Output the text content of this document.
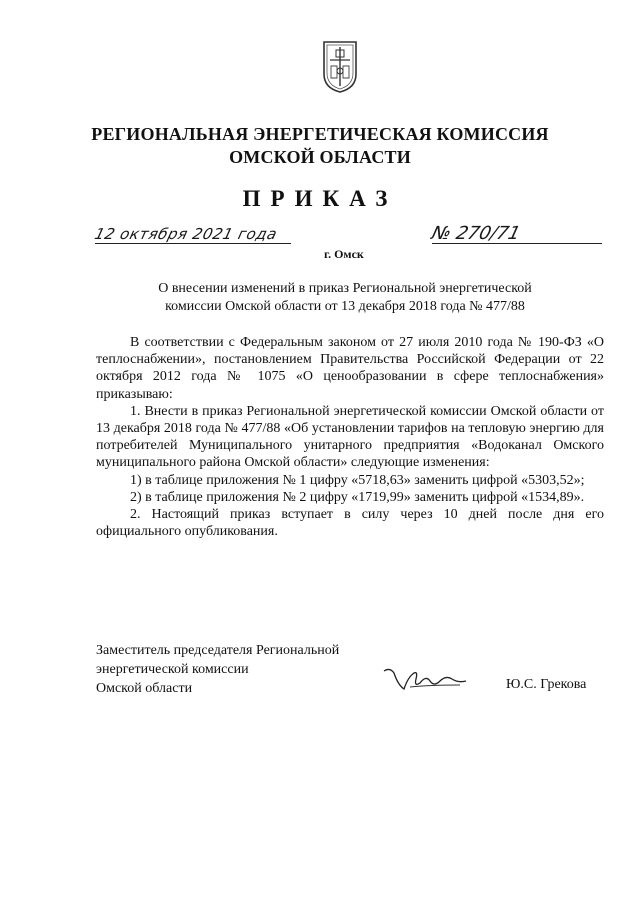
РЕГИОНАЛЬНАЯ ЭНЕРГЕТИЧЕСКАЯ КОМИССИЯ
ОМСКОЙ ОБЛАСТИ
ПРИКАЗ
12 октября 2021 года
г. Омск
№ 270/71
О внесении изменений в приказ Региональной энергетической
комиссии Омской области от 13 декабря 2018 года № 477/88

В соответствии с Федеральным законом от 27 июля 2010 года № 190-ФЗ «О теплоснабжении», постановлением Правительства Российской Федерации от 22 октября 2012 года № 1075 «О ценообразовании в сфере теплоснабжения» приказываю:

1. Внести в приказ Региональной энергетической комиссии Омской области от 13 декабря 2018 года № 477/88 «Об установлении тарифов на тепловую энергию для потребителей Муниципального унитарного предприятия «Водоканал Омского муниципального района Омской области» следующие изменения:

1) в таблице приложения № 1 цифру «5718,63» заменить цифрой «5303,52»;

2) в таблице приложения № 2 цифру «1719,99» заменить цифрой «1534,89».

2. Настоящий приказ вступает в силу через 10 дней после дня его официального опубликования.

Заместитель председателя Региональной
энергетической комиссии
Омской области	Ю.С. Грекова
